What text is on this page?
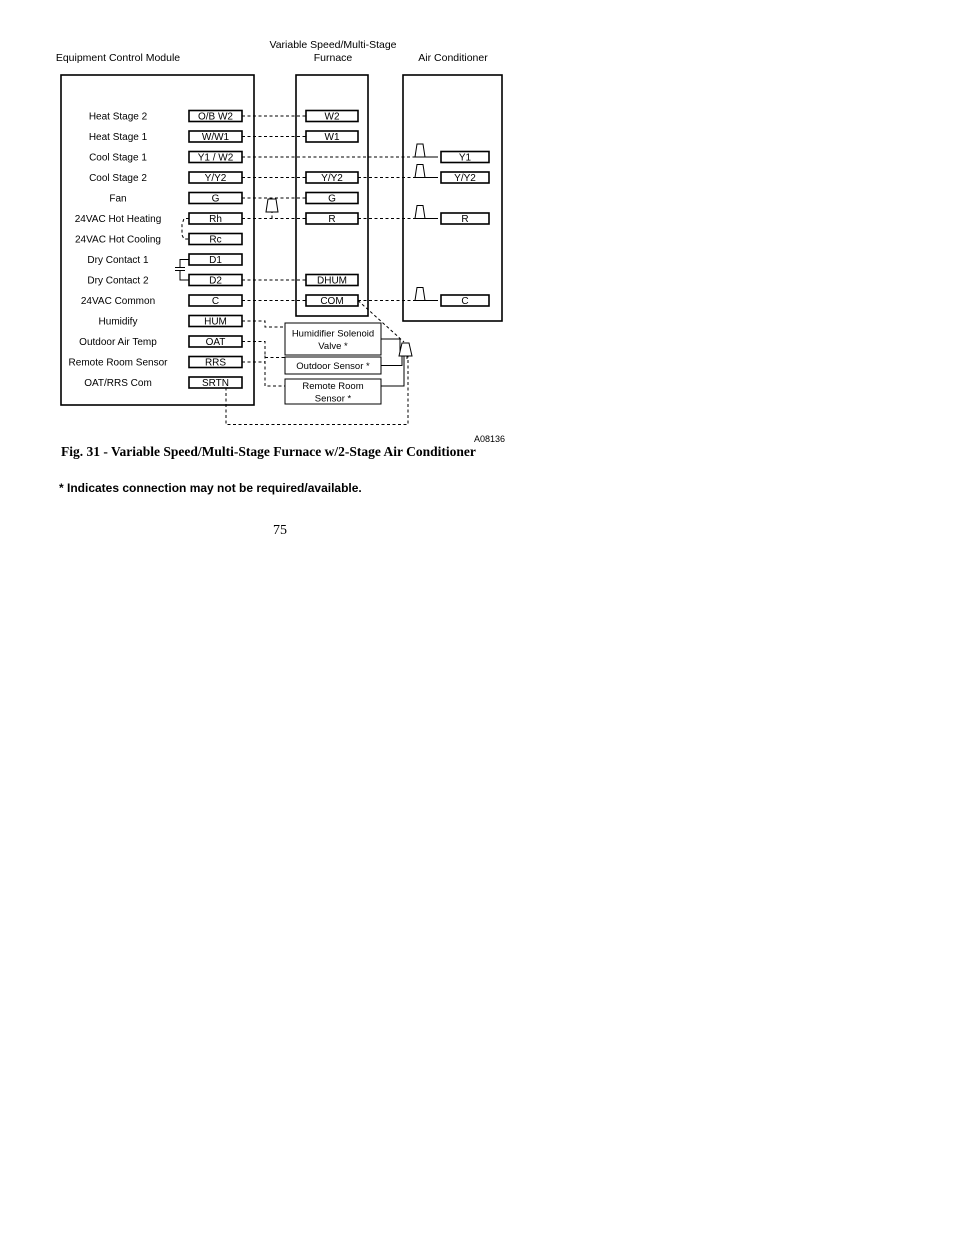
Equipment Control Module
Variable Speed/Multi-Stage
Furnace	Air Conditioner
Heat Stage 2
Heat Stage 1
Cool Stage 1
Cool Stage 2
Fan
24VAC Hot Heating
24VAC Hot Cooling
Dry Contact 1
Dry Contact 2
24VAC Common
Humidify
Outdoor Air Temp
Remote Room Sensor
OAT/RRS Com
O/B W2
W/W1
Y1 / W2
Y/Y2
G
Rh
Rc
D1
D2
C
HUM
OAT
RRS
SRTN
W2
W1
Y/Y2
G
R
DHUM
COM
Y1
Y/Y2
R
C
Humidifier Solenoid
Valve *
Outdoor Sensor *
Remote Room
Sensor *
A08136
Fig. 31 - Variable Speed/Multi-Stage Furnace w/2-Stage Air Conditioner
* Indicates connection may not be required/available.
75
